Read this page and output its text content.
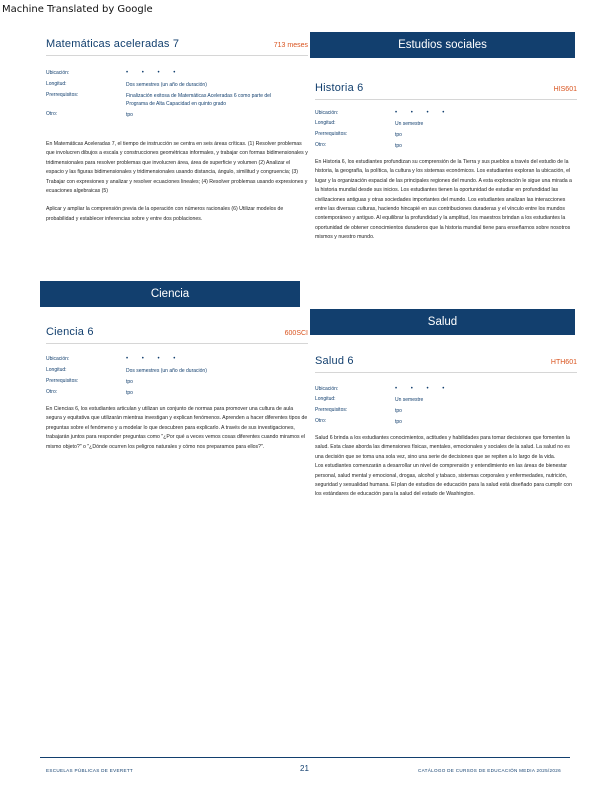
Machine Translated by Google
Matemáticas aceleradas 7	713 meses
Ubicación:	• • • •
Longitud:	Dos semestres (un año de duración)
Prerrequisitos:	Finalización exitosa de Matemáticas Aceleradas 6 como parte del Programa de Alta Capacidad en quinto grado
Otro:	tpo

En Matemáticas Aceleradas 7, el tiempo de instrucción se centra en seis áreas críticas. (1) Resolver problemas que involucren dibujos a escala y construcciones geométricas informales, y trabajar con formas bidimensionales y tridimensionales para resolver problemas que involucren área, área de superficie y volumen (2) Analizar el espacio y las figuras bidimensionales y tridimensionales usando distancia, ángulo, similitud y congruencia; (3) Trabajar con expresiones y analizar y resolver ecuaciones lineales; (4) Resolver problemas usando expresiones y ecuaciones algebraicas (5)

Aplicar y ampliar la comprensión previa de la operación con números racionales (6) Utilizar modelos de probabilidad y establecer inferencias sobre y entre dos poblaciones.

Ciencia
Ciencia 6	600SCI
Ubicación:	• • • •
Longitud:	Dos semestres (un año de duración)
Prerrequisitos:	tpo
Otro:	tpo

En Ciencias 6, los estudiantes articulan y utilizan un conjunto de normas para promover una cultura de aula segura y equitativa que utilizarán mientras investigan y explican fenómenos. Aprenden a hacer diferentes tipos de preguntas sobre el fenómeno y a modelar lo que descubren para explicarlo. A través de sus investigaciones, trabajarán juntos para responder preguntas como "¿Por qué a veces vemos cosas diferentes cuando miramos el mismo objeto?" o "¿Dónde ocurren los peligros naturales y cómo nos preparamos para ellos?".

Estudios sociales
Historia 6	HIS601
Ubicación:	• • • •
Longitud:	Un semestre
Prerrequisitos:	tpo
Otro:	tpo

En Historia 6, los estudiantes profundizan su comprensión de la Tierra y sus pueblos a través del estudio de la historia, la geografía, la política, la cultura y los sistemas económicos. Los estudiantes exploran la ubicación, el lugar y la organización espacial de las principales regiones del mundo. A esta exploración le sigue una mirada a la historia mundial desde sus inicios. Los estudiantes tienen la oportunidad de estudiar en profundidad las civilizaciones antiguas y otras sociedades importantes del mundo. Los estudiantes analizan las interacciones entre las diversas culturas, haciendo hincapié en sus contribuciones duraderas y el vínculo entre los mundos contemporáneo y antiguo. Al equilibrar la profundidad y la amplitud, los maestros brindan a los estudiantes la oportunidad de obtener conocimientos duraderos que la historia mundial tiene para enseñarnos sobre nosotros mismos y nuestro mundo.

Salud
Salud 6	HTH601
Ubicación:	• • • •
Longitud:	Un semestre
Prerrequisitos:	tpo
Otro:	tpo

Salud 6 brinda a los estudiantes conocimientos, actitudes y habilidades para tomar decisiones que fomenten la salud. Esta clase aborda las dimensiones físicas, mentales, emocionales y sociales de la salud. La salud no es una decisión que se toma una sola vez, sino una serie de decisiones que se repiten a lo largo de la vida.

Los estudiantes comenzarán a desarrollar un nivel de comprensión y entendimiento en las áreas de bienestar personal, salud mental y emocional, drogas, alcohol y tabaco, sistemas corporales y enfermedades, nutrición, seguridad y sexualidad humana. El plan de estudios de educación para la salud está diseñado para cumplir con los estándares de educación para la salud del estado de Washington.

ESCUELAS PÚBLICAS DE EVERETT	21	CATÁLOGO DE CURSOS DE EDUCACIÓN MEDIA 2025/2026
